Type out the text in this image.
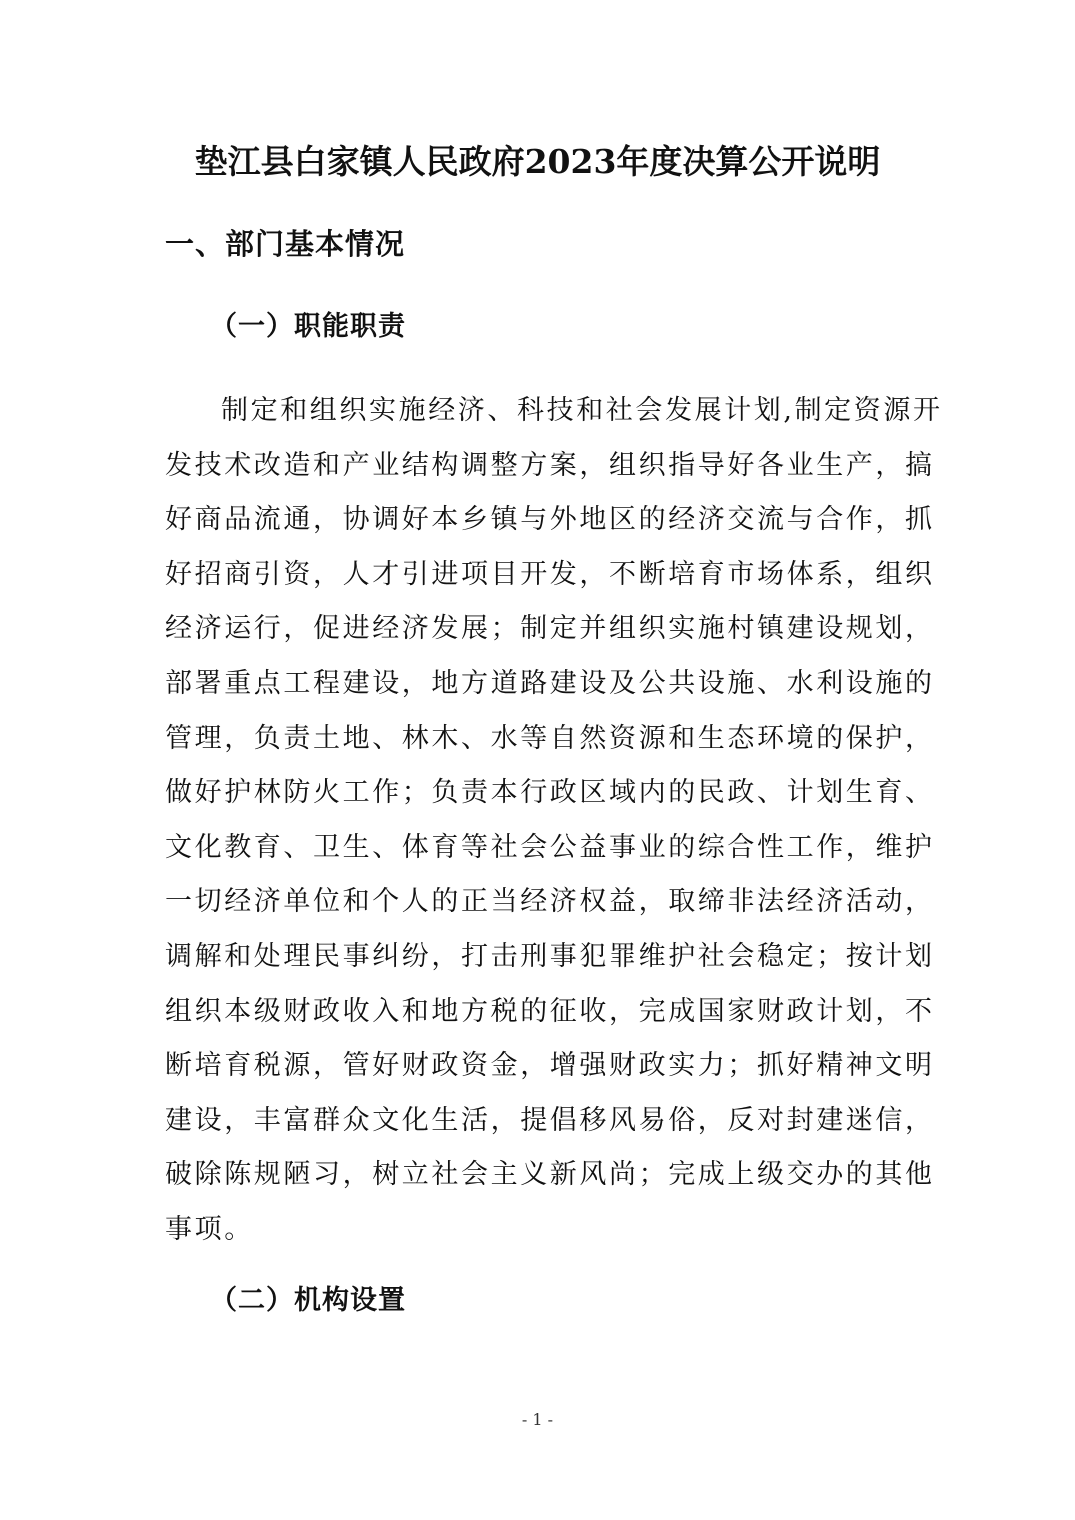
垫江县白家镇人民政府2023年度决算公开说明
一、部门基本情况
（一）职能职责
制定和组织实施经济、科技和社会发展计划,制定资源开
发技术改造和产业结构调整方案，组织指导好各业生产，搞
好商品流通，协调好本乡镇与外地区的经济交流与合作，抓
好招商引资，人才引进项目开发，不断培育市场体系，组织
经济运行，促进经济发展；制定并组织实施村镇建设规划，
部署重点工程建设，地方道路建设及公共设施、水利设施的
管理，负责土地、林木、水等自然资源和生态环境的保护，
做好护林防火工作；负责本行政区域内的民政、计划生育、
文化教育、卫生、体育等社会公益事业的综合性工作，维护
一切经济单位和个人的正当经济权益，取缔非法经济活动，
调解和处理民事纠纷，打击刑事犯罪维护社会稳定；按计划
组织本级财政收入和地方税的征收，完成国家财政计划，不
断培育税源，管好财政资金，增强财政实力；抓好精神文明
建设，丰富群众文化生活，提倡移风易俗，反对封建迷信，
破除陈规陋习，树立社会主义新风尚；完成上级交办的其他
事项。
（二）机构设置
- 1 -
